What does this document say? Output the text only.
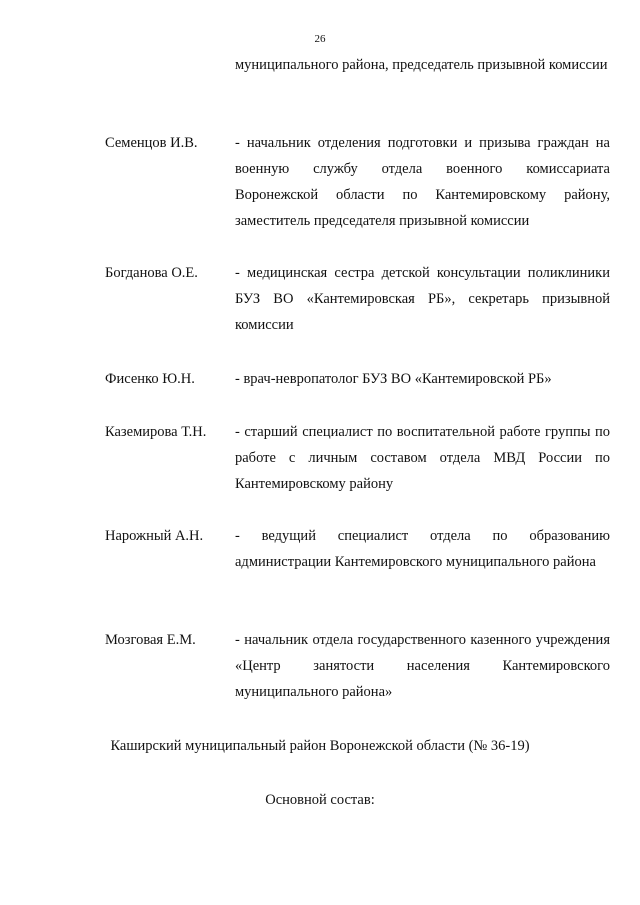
26
муниципального района, председатель призывной комиссии
Семенцов И.В.	- начальник отделения подготовки и призыва граждан на военную службу отдела военного комиссариата Воронежской области по Кантемировскому району, заместитель председателя призывной комиссии
Богданова О.Е.	- медицинская сестра детской консультации поликлиники БУЗ ВО «Кантемировская РБ», секретарь призывной комиссии
Фисенко Ю.Н.	- врач-невропатолог БУЗ ВО «Кантемировской РБ»
Каземирова Т.Н. - старший специалист по воспитательной работе группы по работе с личным составом отдела МВД России по Кантемировскому району
Нарожный А.Н. - ведущий специалист отдела по образованию администрации Кантемировского муниципального района
Мозговая Е.М.	- начальник отдела государственного казенного учреждения «Центр занятости населения Кантемировского муниципального района»
Каширский муниципальный район Воронежской области (№ 36-19)
Основной состав:
